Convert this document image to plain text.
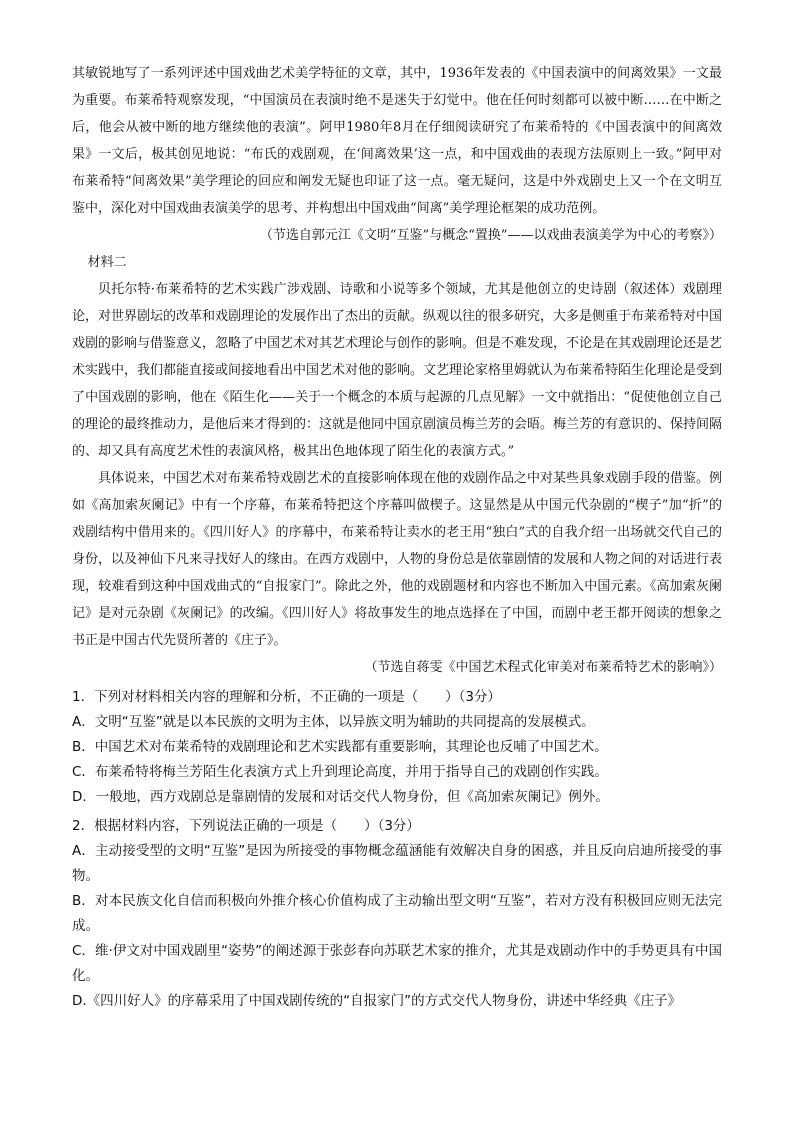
其敏锐地写了一系列评述中国戏曲艺术美学特征的文章，其中，1936年发表的《中国表演中的间离效果》一文最为重要。布莱希特观察发现，“中国演员在表演时绝不是迷失于幻觉中。他在任何时刻都可以被中断……在中断之后，他会从被中断的地方继续他的表演”。阿甲1980年8月在仔细阅读研究了布莱希特的《中国表演中的间离效果》一文后，极其创见地说：“布氏的戏剧观，在‘间离效果’这一点，和中国戏曲的表现方法原则上一致。”阿甲对布莱希特“间离效果”美学理论的回应和阐发无疑也印证了这一点。毫无疑问，这是中外戏剧史上又一个在文明互鉴中，深化对中国戏曲表演美学的思考、并构想出中国戏曲“间离”美学理论框架的成功范例。

（节选自郭元江《文明“互鉴”与概念“置换”——以戏曲表演美学为中心的考察》）

材料二

贝托尔特·布莱希特的艺术实践广涉戏剧、诗歌和小说等多个领域，尤其是他创立的史诗剧（叙述体）戏剧理论，对世界剧坛的改革和戏剧理论的发展作出了杰出的贡献。纵观以往的很多研究，大多是侧重于布莱希特对中国戏剧的影响与借鉴意义，忽略了中国艺术对其艺术理论与创作的影响。但是不难发现，不论是在其戏剧理论还是艺术实践中，我们都能直接或间接地看出中国艺术对他的影响。文艺理论家格里姆就认为布莱希特陌生化理论是受到了中国戏剧的影响，他在《陌生化——关于一个概念的本质与起源的几点见解》一文中就指出：“促使他创立自己的理论的最终推动力，是他后来才得到的：这就是他同中国京剧演员梅兰芳的会晤。梅兰芳的有意识的、保持间隔的、却又具有高度艺术性的表演风格，极其出色地体现了陌生化的表演方式。”

具体说来，中国艺术对布莱希特戏剧艺术的直接影响体现在他的戏剧作品之中对某些具象戏剧手段的借鉴。例如《高加索灰阑记》中有一个序幕，布莱希特把这个序幕叫做楔子。这显然是从中国元代杂剧的“楔子”加“折”的戏剧结构中借用来的。《四川好人》的序幕中，布莱希特让卖水的老王用“独白”式的自我介绍一出场就交代自己的身份，以及神仙下凡来寻找好人的缘由。在西方戏剧中，人物的身份总是依靠剧情的发展和人物之间的对话进行表现，较难看到这种中国戏曲式的“自报家门”。除此之外，他的戏剧题材和内容也不断加入中国元素。《高加索灰阑记》是对元杂剧《灰阑记》的改编。《四川好人》将故事发生的地点选择在了中国，而剧中老王都开阅读的想象之书正是中国古代先贤所著的《庄子》。

（节选自蒋雯《中国艺术程式化审美对布莱希特艺术的影响》）

1．下列对材料相关内容的理解和分析，不正确的一项是（　　）（3分）

A．文明“互鉴”就是以本民族的文明为主体，以异族文明为辅助的共同提高的发展模式。

B．中国艺术对布莱希特的戏剧理论和艺术实践都有重要影响，其理论也反哺了中国艺术。

C．布莱希特将梅兰芳陌生化表演方式上升到理论高度，并用于指导自己的戏剧创作实践。

D．一般地，西方戏剧总是靠剧情的发展和对话交代人物身份，但《高加索灰阑记》例外。

2．根据材料内容，下列说法正确的一项是（　　）（3分）

A．主动接受型的文明“互鉴”是因为所接受的事物概念蕴涵能有效解决自身的困惑，并且反向启迪所接受的事物。

B．对本民族文化自信而积极向外推介核心价值构成了主动输出型文明“互鉴”，若对方没有积极回应则无法完成。

C．维·伊文对中国戏剧里“姿势”的阐述源于张彭春向苏联艺术家的推介，尤其是戏剧动作中的手势更具有中国化。

D.《四川好人》的序幕采用了中国戏剧传统的“自报家门”的方式交代人物身份，讲述中华经典《庄子》
